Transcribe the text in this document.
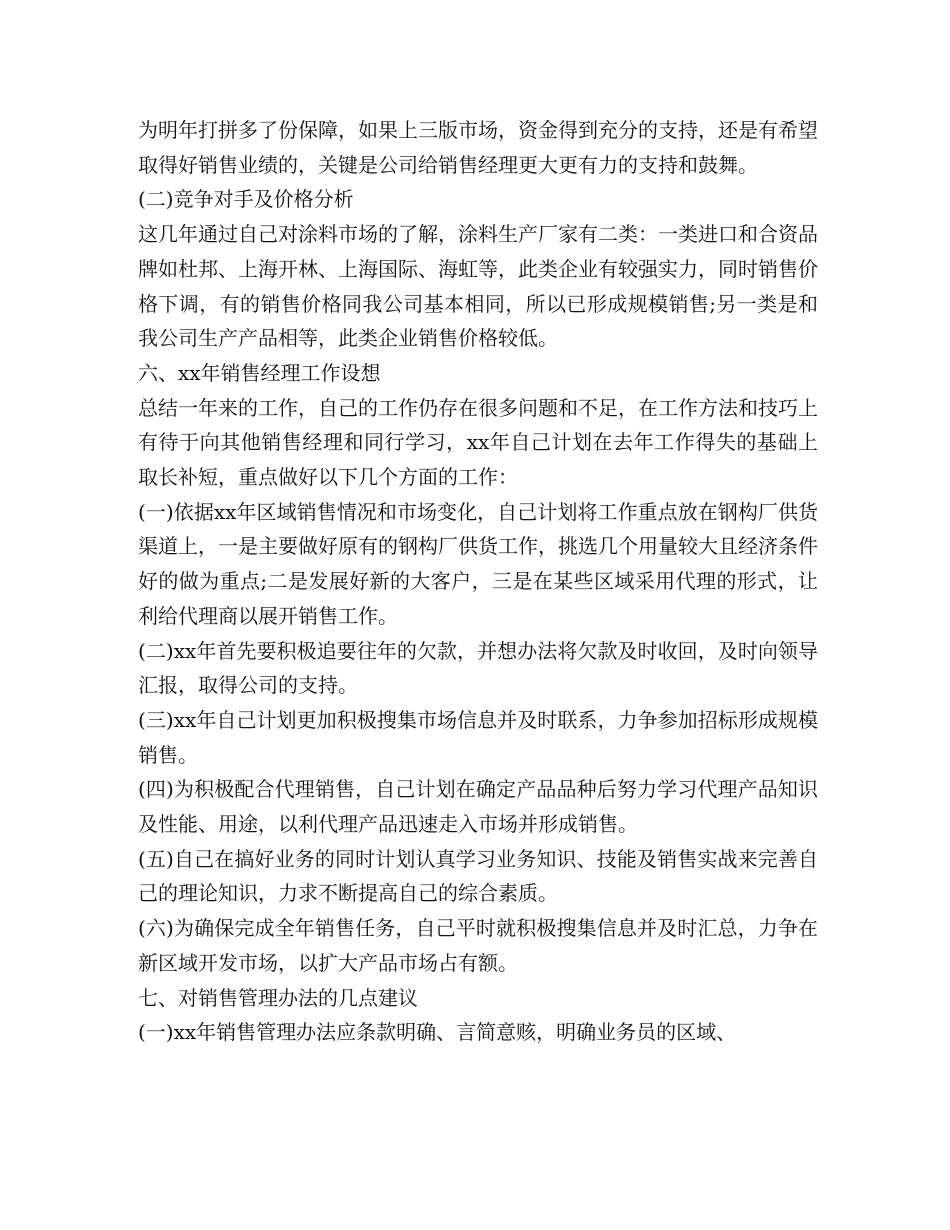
为明年打拼多了份保障，如果上三版市场，资金得到充分的支持，还是有希望取得好销售业绩的，关键是公司给销售经理更大更有力的支持和鼓舞。

(二)竞争对手及价格分析

这几年通过自己对涂料市场的了解，涂料生产厂家有二类：一类进口和合资品牌如杜邦、上海开林、上海国际、海虹等，此类企业有较强实力，同时销售价格下调，有的销售价格同我公司基本相同，所以已形成规模销售;另一类是和我公司生产产品相等，此类企业销售价格较低。

六、xx年销售经理工作设想

总结一年来的工作，自己的工作仍存在很多问题和不足，在工作方法和技巧上有待于向其他销售经理和同行学习，xx年自己计划在去年工作得失的基础上取长补短，重点做好以下几个方面的工作：

(一)依据xx年区域销售情况和市场变化，自己计划将工作重点放在钢构厂供货渠道上，一是主要做好原有的钢构厂供货工作，挑选几个用量较大且经济条件好的做为重点;二是发展好新的大客户，三是在某些区域采用代理的形式，让利给代理商以展开销售工作。

(二)xx年首先要积极追要往年的欠款，并想办法将欠款及时收回，及时向领导汇报，取得公司的支持。

(三)xx年自己计划更加积极搜集市场信息并及时联系，力争参加招标形成规模销售。

(四)为积极配合代理销售，自己计划在确定产品品种后努力学习代理产品知识及性能、用途，以利代理产品迅速走入市场并形成销售。

(五)自己在搞好业务的同时计划认真学习业务知识、技能及销售实战来完善自己的理论知识，力求不断提高自己的综合素质。

(六)为确保完成全年销售任务，自己平时就积极搜集信息并及时汇总，力争在新区域开发市场，以扩大产品市场占有额。

七、对销售管理办法的几点建议

(一)xx年销售管理办法应条款明确、言简意赅，明确业务员的区域、
